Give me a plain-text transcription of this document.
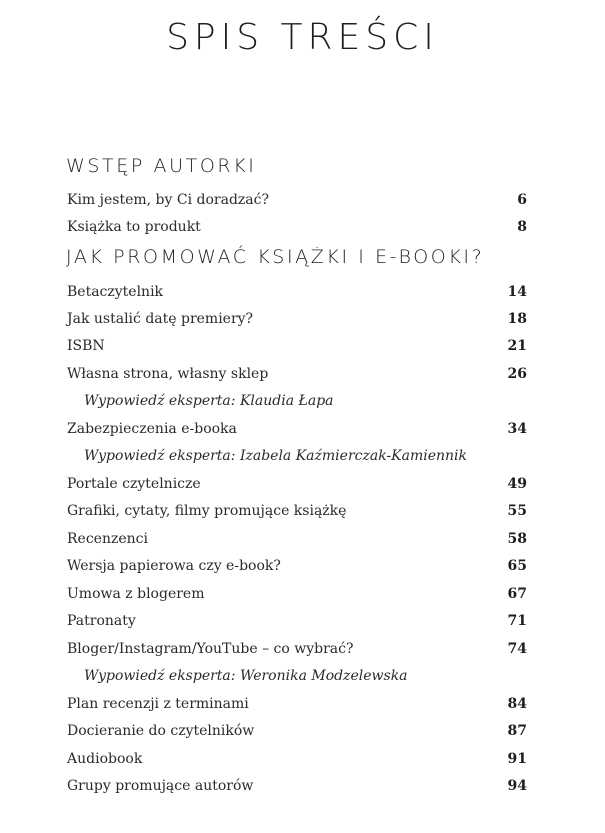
SPIS TREŚCI
WSTĘP AUTORKI
Kim jestem, by Ci doradzać?	6
Książka to produkt	8
JAK PROMOWAĆ KSIĄŻKI I E-BOOKI?
Betaczytelnik	14
Jak ustalić datę premiery?	18
ISBN	21
Własna strona, własny sklep	26
Wypowiedź eksperta: Klaudia Łapa
Zabezpieczenia e-booka	34
Wypowiedź eksperta: Izabela Kaźmierczak-Kamiennik
Portale czytelnicze	49
Grafiki, cytaty, filmy promujące książkę	55
Recenzenci	58
Wersja papierowa czy e-book?	65
Umowa z blogerem	67
Patronaty	71
Bloger/Instagram/YouTube – co wybrać?	74
Wypowiedź eksperta: Weronika Modzelewska
Plan recenzji z terminami	84
Docieranie do czytelników	87
Audiobook	91
Grupy promujące autorów	94
